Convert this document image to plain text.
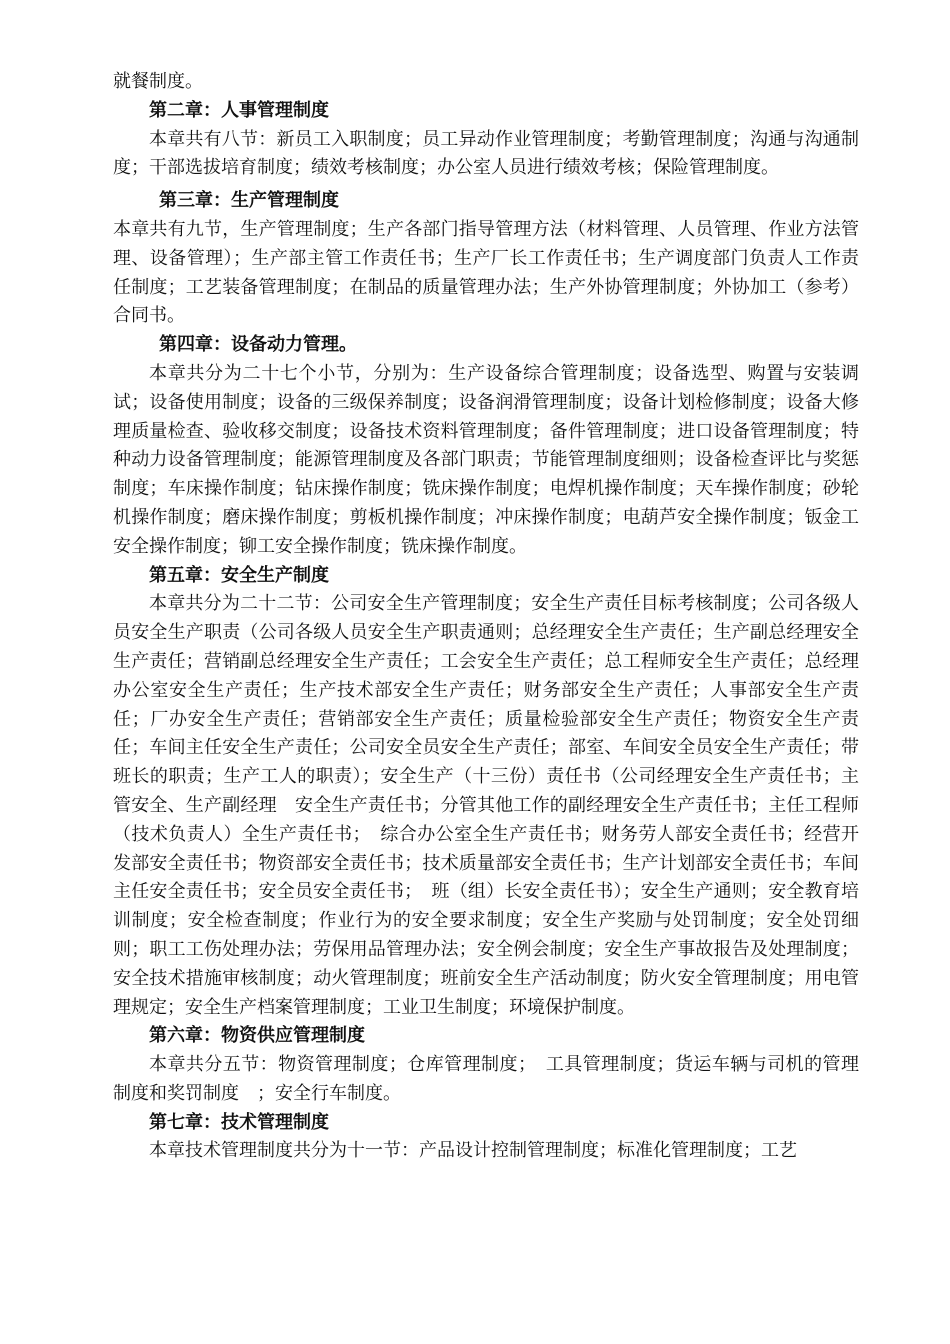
就餐制度。

第二章：人事管理制度

本章共有八节：新员工入职制度；员工异动作业管理制度；考勤管理制度；沟通与沟通制度；干部选拔培育制度；绩效考核制度；办公室人员进行绩效考核；保险管理制度。

第三章：生产管理制度

本章共有九节，生产管理制度；生产各部门指导管理方法（材料管理、人员管理、作业方法管理、设备管理）；生产部主管工作责任书；生产厂长工作责任书；生产调度部门负责人工作责任制度；工艺装备管理制度；在制品的质量管理办法；生产外协管理制度；外协加工（参考）合同书。

第四章：设备动力管理。

本章共分为二十七个小节，分别为：生产设备综合管理制度；设备选型、购置与安装调试；设备使用制度；设备的三级保养制度；设备润滑管理制度；设备计划检修制度；设备大修理质量检查、验收移交制度；设备技术资料管理制度；备件管理制度；进口设备管理制度；特种动力设备管理制度；能源管理制度及各部门职责；节能管理制度细则；设备检查评比与奖惩制度；车床操作制度；钻床操作制度；铣床操作制度；电焊机操作制度；天车操作制度；砂轮机操作制度；磨床操作制度；剪板机操作制度；冲床操作制度；电葫芦安全操作制度；钣金工安全操作制度；铆工安全操作制度；铣床操作制度。

第五章：安全生产制度

本章共分为二十二节：公司安全生产管理制度；安全生产责任目标考核制度；公司各级人员安全生产职责（公司各级人员安全生产职责通则；总经理安全生产责任；生产副总经理安全生产责任；营销副总经理安全生产责任；工会安全生产责任；总工程师安全生产责任；总经理办公室安全生产责任；生产技术部安全生产责任；财务部安全生产责任；人事部安全生产责任；厂办安全生产责任；营销部安全生产责任；质量检验部安全生产责任；物资安全生产责任；车间主任安全生产责任；公司安全员安全生产责任；部室、车间安全员安全生产责任；带班长的职责；生产工人的职责）；安全生产（十三份）责任书（公司经理安全生产责任书；主管安全、生产副经理　安全生产责任书；分管其他工作的副经理安全生产责任书；主任工程师（技术负责人）全生产责任书；　综合办公室全生产责任书；财务劳人部安全责任书；经营开发部安全责任书；物资部安全责任书；技术质量部安全责任书；生产计划部安全责任书；车间主任安全责任书；安全员安全责任书；　班（组）长安全责任书）；安全生产通则；安全教育培训制度；安全检查制度；作业行为的安全要求制度；安全生产奖励与处罚制度；安全处罚细则；职工工伤处理办法；劳保用品管理办法；安全例会制度；安全生产事故报告及处理制度；安全技术措施审核制度；动火管理制度；班前安全生产活动制度；防火安全管理制度；用电管理规定；安全生产档案管理制度；工业卫生制度；环境保护制度。

第六章：物资供应管理制度

本章共分五节：物资管理制度；仓库管理制度；　工具管理制度；货运车辆与司机的管理制度和奖罚制度　；安全行车制度。

第七章：技术管理制度

本章技术管理制度共分为十一节：产品设计控制管理制度；标准化管理制度；工艺
